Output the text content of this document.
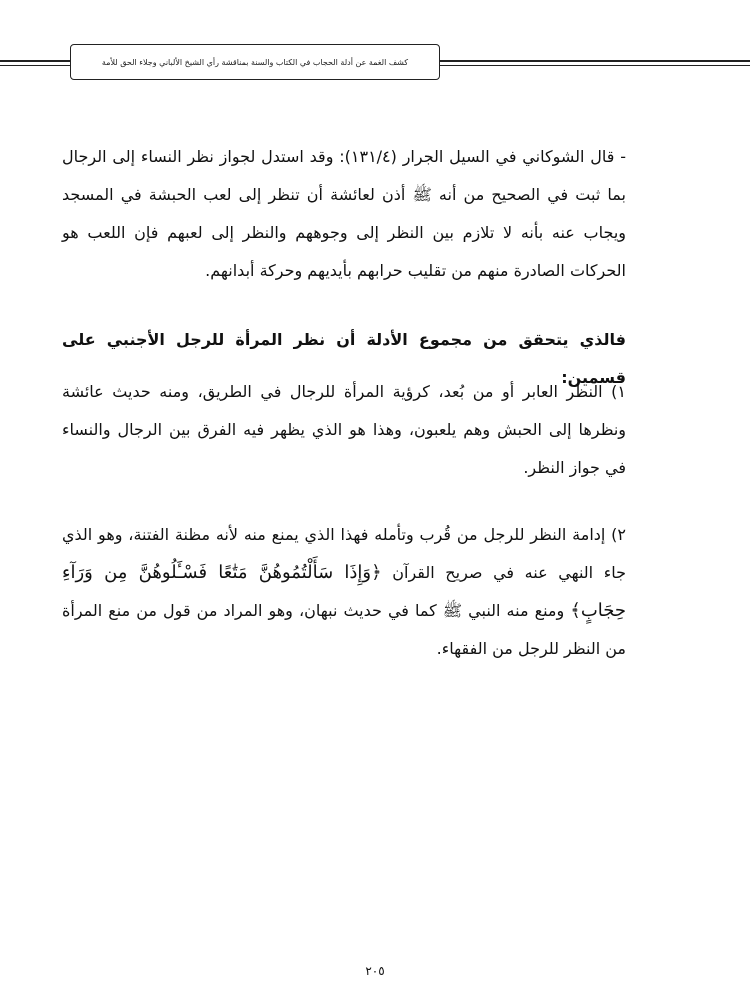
كشف الغمة عن أدلة الحجاب في الكتاب والسنة بمناقشة رأي الشيخ الألباني وجلاء الحق للأمة

- قال الشوكاني في السيل الجرار (١٣١/٤): وقد استدل لجواز نظر النساء إلى الرجال بما ثبت في الصحيح من أنه ﷺ أذن لعائشة أن تنظر إلى لعب الحبشة في المسجد ويجاب عنه بأنه لا تلازم بين النظر إلى وجوههم والنظر إلى لعبهم فإن اللعب هو الحركات الصادرة منهم من تقليب حرابهم بأيديهم وحركة أبدانهم.

فالذي يتحقق من مجموع الأدلة أن نظر المرأة للرجل الأجنبي على قسمين:

١) النظر العابر أو من بُعد، كرؤية المرأة للرجال في الطريق، ومنه حديث عائشة ونظرها إلى الحبش وهم يلعبون، وهذا هو الذي يظهر فيه الفرق بين الرجال والنساء في جواز النظر.

٢) إدامة النظر للرجل من قُرب وتأمله فهذا الذي يمنع منه لأنه مظنة الفتنة، وهو الذي جاء النهي عنه في صريح القرآن ﴿وَإِذَا سَأَلْتُمُوهُنَّ مَتَٰعًا فَسْـَٔلُوهُنَّ مِن وَرَآءِ حِجَابٍ﴾ ومنع منه النبي ﷺ كما في حديث نبهان، وهو المراد من قول من منع المرأة من النظر للرجل من الفقهاء.

٢٠٥
